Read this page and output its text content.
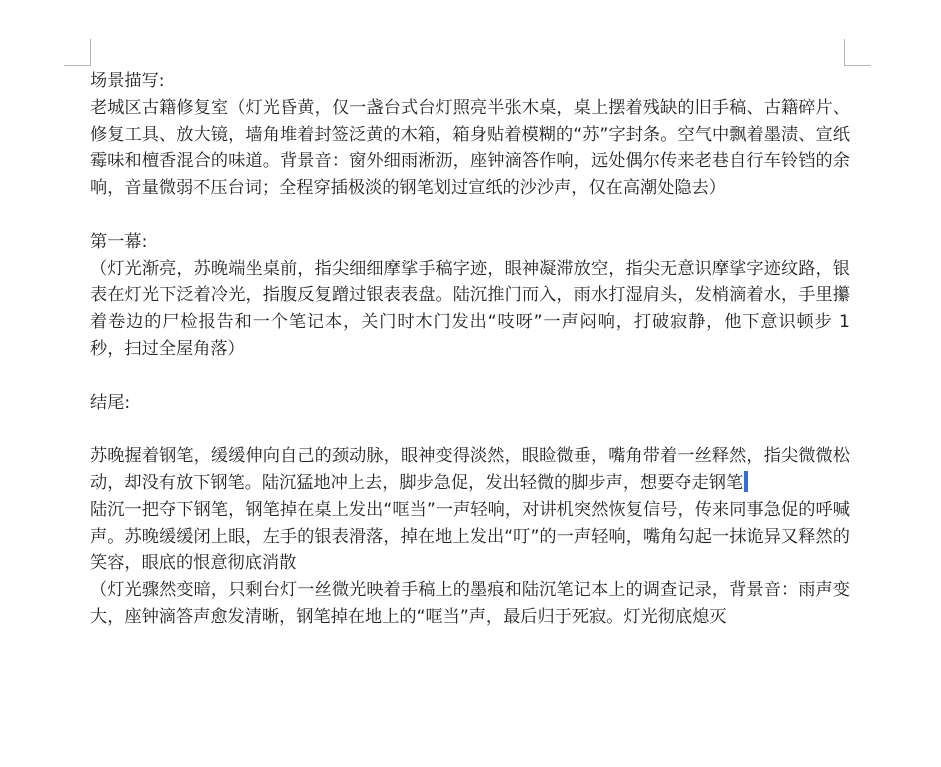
场景描写:

老城区古籍修复室（灯光昏黄，仅一盏台式台灯照亮半张木桌，桌上摆着残缺的旧手稿、古籍碎片、修复工具、放大镜，墙角堆着封签泛黄的木箱，箱身贴着模糊的“苏”字封条。空气中飘着墨渍、宣纸霉味和檀香混合的味道。背景音：窗外细雨淅沥，座钟滴答作响，远处偶尔传来老巷自行车铃铛的余响，音量微弱不压台词；全程穿插极淡的钢笔划过宣纸的沙沙声，仅在高潮处隐去）

第一幕:

（灯光渐亮，苏晚端坐桌前，指尖细细摩挲手稿字迹，眼神凝滞放空，指尖无意识摩挲字迹纹路，银表在灯光下泛着冷光，指腹反复蹭过银表表盘。陆沉推门而入，雨水打湿肩头，发梢滴着水，手里攥着卷边的尸检报告和一个笔记本，关门时木门发出“吱呀”一声闷响，打破寂静，他下意识顿步 1 秒，扫过全屋角落）

结尾:

苏晚握着钢笔，缓缓伸向自己的颈动脉，眼神变得淡然，眼睑微垂，嘴角带着一丝释然，指尖微微松动，却没有放下钢笔。陆沉猛地冲上去，脚步急促，发出轻微的脚步声，想要夺走钢笔

陆沉一把夺下钢笔，钢笔掉在桌上发出“哐当”一声轻响，对讲机突然恢复信号，传来同事急促的呼喊声。苏晚缓缓闭上眼，左手的银表滑落，掉在地上发出“叮”的一声轻响，嘴角勾起一抹诡异又释然的笑容，眼底的恨意彻底消散

（灯光骤然变暗，只剩台灯一丝微光映着手稿上的墨痕和陆沉笔记本上的调查记录，背景音：雨声变大，座钟滴答声愈发清晰，钢笔掉在地上的“哐当”声，最后归于死寂。灯光彻底熄灭
